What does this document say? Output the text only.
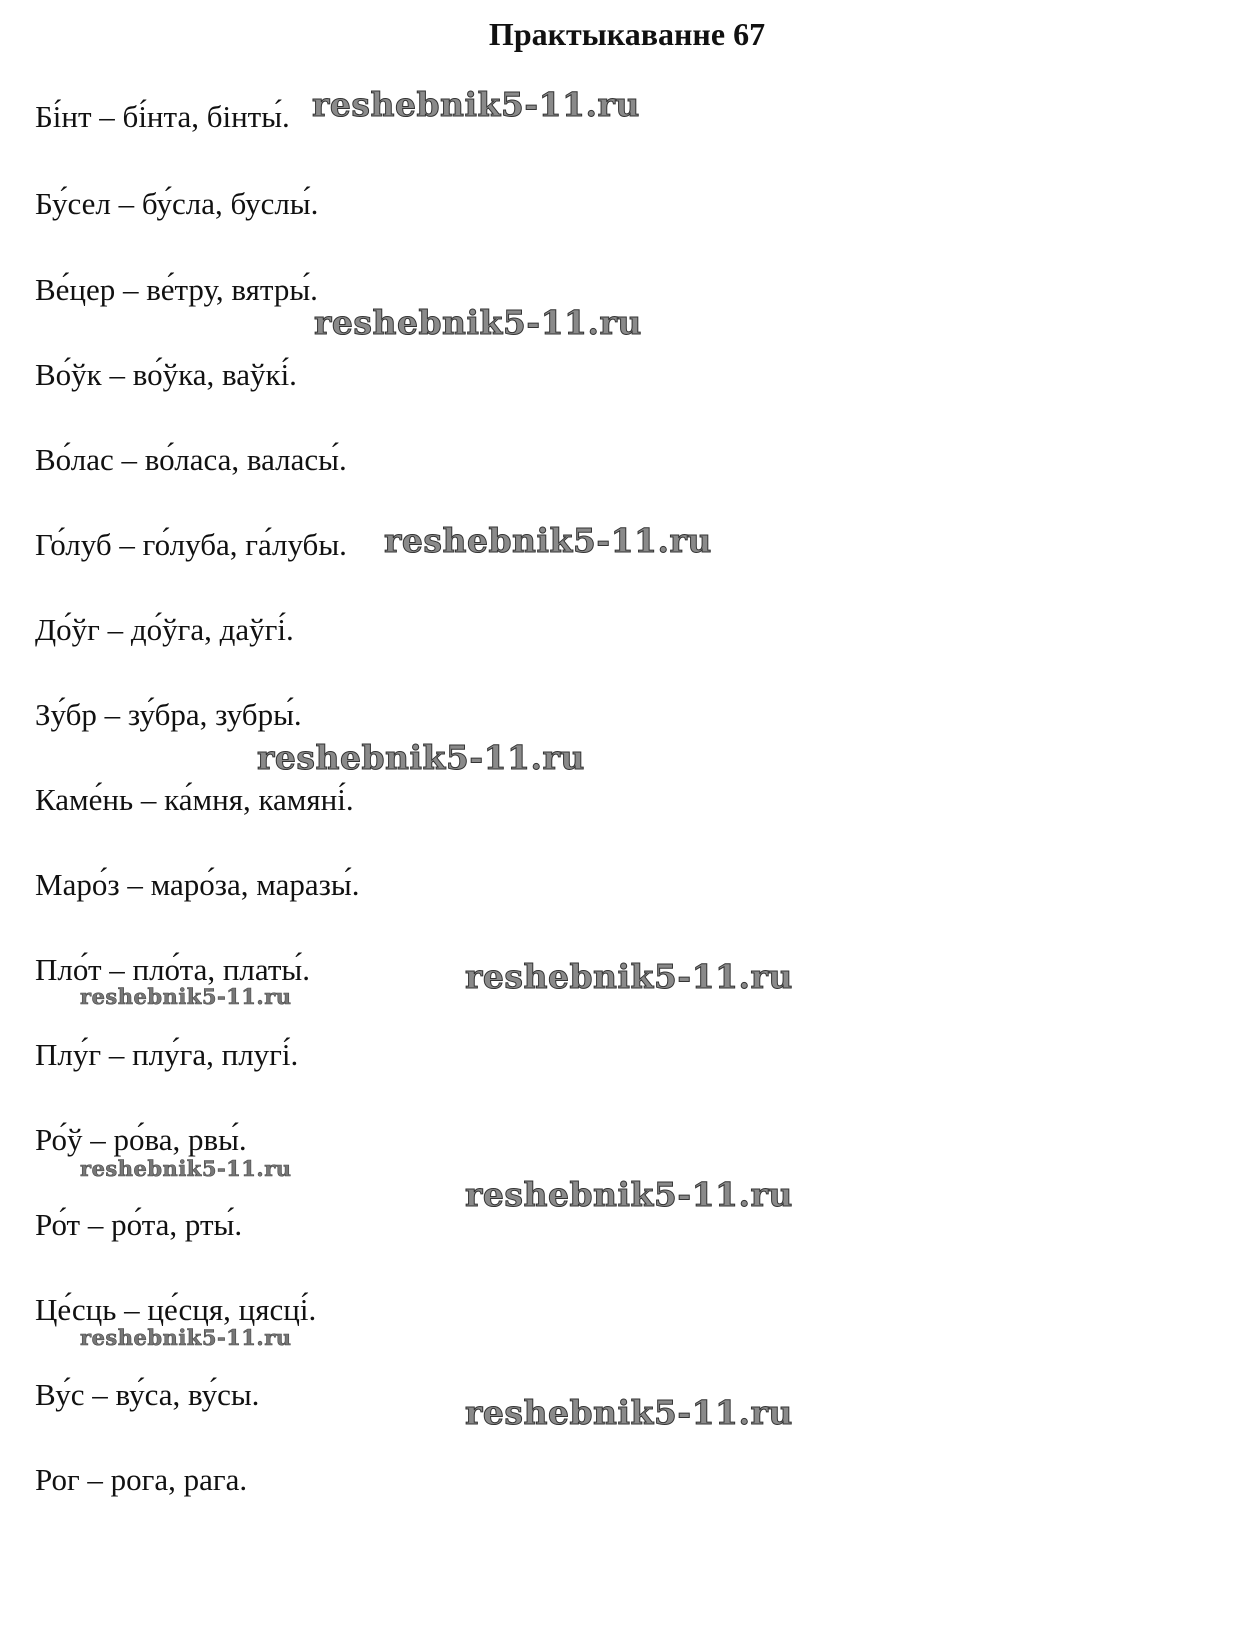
Практыкаванне 67
Бі́нт – бі́нта, бінты́.
Бу́сел – бу́сла, буслы́.
Ве́цер – ве́тру, вятры́.
Во́ўк – во́ўка, ваўкі́.
Во́лас – во́ласа, валасы́.
Го́луб – го́луба, га́лубы.
До́ўг – до́ўга, даўгі́.
Зу́бр – зу́бра, зубры́.
Каме́нь – ка́мня, камяні́.
Маро́з – маро́за, маразы́.
Пло́т – пло́та, платы́.
Плу́г – плу́га, плугі́.
Ро́ў – ро́ва, рвы́.
Ро́т – ро́та, рты́.
Це́сць – це́сця, цясці́.
Ву́с – ву́са, ву́сы.
Рог – рога, рага.
reshebnik5-11.ru
reshebnik5-11.ru
reshebnik5-11.ru
reshebnik5-11.ru
reshebnik5-11.ru
reshebnik5-11.ru
reshebnik5-11.ru
reshebnik5-11.ru
reshebnik5-11.ru
reshebnik5-11.ru
